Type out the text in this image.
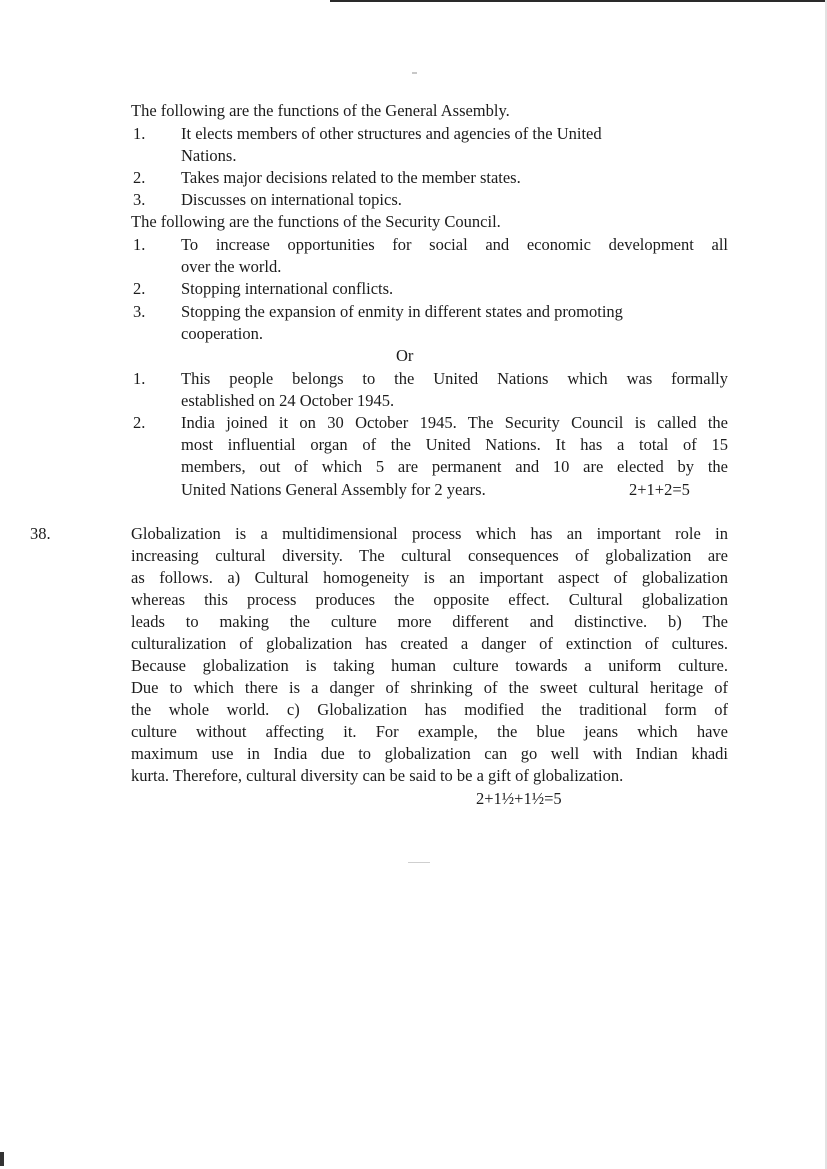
The following are the functions of the General Assembly.
1. It elects members of other structures and agencies of the United
Nations.
2. Takes major decisions related to the member states.
3. Discusses on international topics.
The following are the functions of the Security Council.
1. To increase opportunities for social and economic development all
over the world.
2. Stopping international conflicts.
3. Stopping the expansion of enmity in different states and promoting
cooperation.
Or
1. This people belongs to the United Nations which was formally
established on 24 October 1945.
2. India joined it on 30 October 1945. The Security Council is called the
most influential organ of the United Nations. It has a total of 15
members, out of which 5 are permanent and 10 are elected by the
United Nations General Assembly for 2 years.	2+1+2=5
38.	Globalization is a multidimensional process which has an important role in
increasing cultural diversity. The cultural consequences of globalization are
as follows. a) Cultural homogeneity is an important aspect of globalization
whereas this process produces the opposite effect. Cultural globalization
leads to making the culture more different and distinctive. b) The
culturalization of globalization has created a danger of extinction of cultures.
Because globalization is taking human culture towards a uniform culture.
Due to which there is a danger of shrinking of the sweet cultural heritage of
the whole world. c) Globalization has modified the traditional form of
culture without affecting it. For example, the blue jeans which have
maximum use in India due to globalization can go well with Indian khadi
kurta. Therefore, cultural diversity can be said to be a gift of globalization.
2+1½+1½=5
